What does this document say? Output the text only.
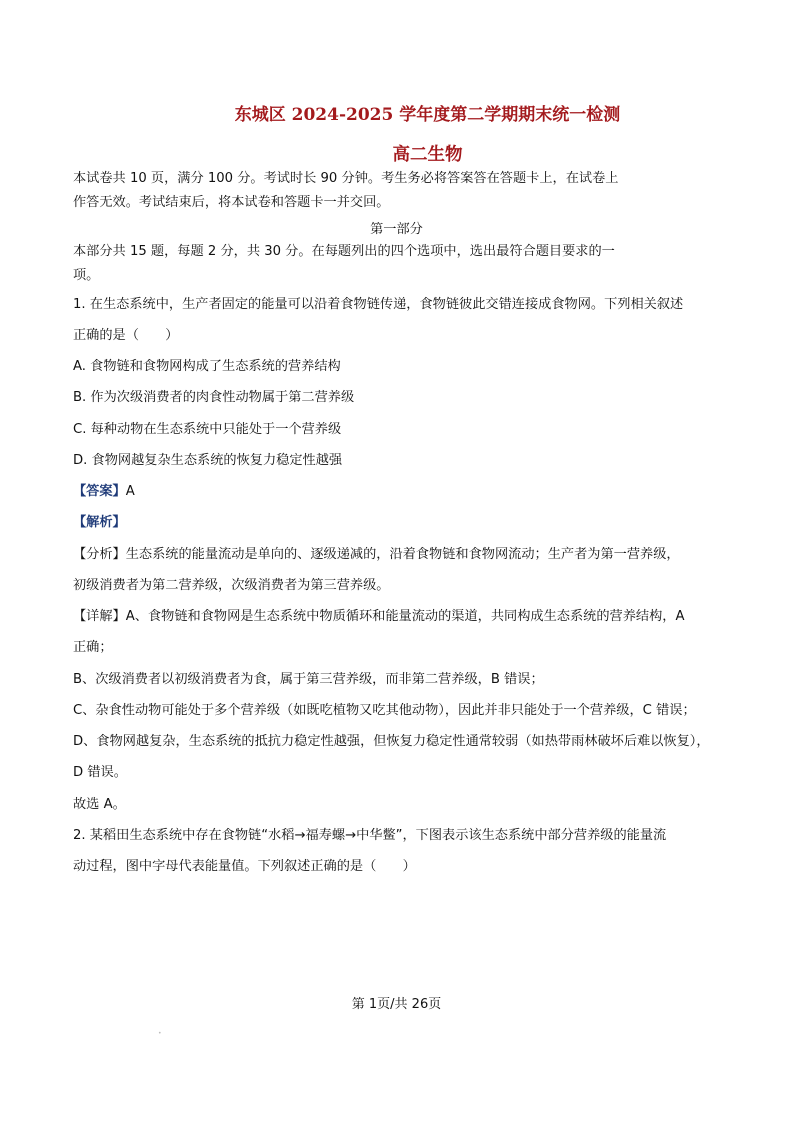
东城区 2024-2025 学年度第二学期期末统一检测
高二生物
本试卷共 10 页，满分 100 分。考试时长 90 分钟。考生务必将答案答在答题卡上，在试卷上
作答无效。考试结束后，将本试卷和答题卡一并交回。
第一部分
本部分共 15 题，每题 2 分，共 30 分。在每题列出的四个选项中，选出最符合题目要求的一
项。
1. 在生态系统中，生产者固定的能量可以沿着食物链传递，食物链彼此交错连接成食物网。下列相关叙述
正确的是（　　）
A. 食物链和食物网构成了生态系统的营养结构
B. 作为次级消费者的肉食性动物属于第二营养级
C. 每种动物在生态系统中只能处于一个营养级
D. 食物网越复杂生态系统的恢复力稳定性越强
【答案】A
【解析】
【分析】生态系统的能量流动是单向的、逐级递减的，沿着食物链和食物网流动；生产者为第一营养级，
初级消费者为第二营养级，次级消费者为第三营养级。
【详解】A、食物链和食物网是生态系统中物质循环和能量流动的渠道，共同构成生态系统的营养结构，A
正确；
B、次级消费者以初级消费者为食，属于第三营养级，而非第二营养级，B 错误；
C、杂食性动物可能处于多个营养级（如既吃植物又吃其他动物），因此并非只能处于一个营养级，C 错误；
D、食物网越复杂，生态系统的抵抗力稳定性越强，但恢复力稳定性通常较弱（如热带雨林破坏后难以恢复），
D 错误。
故选 A。
2. 某稻田生态系统中存在食物链“水稻→福寿螺→中华鳖”，下图表示该生态系统中部分营养级的能量流
动过程，图中字母代表能量值。下列叙述正确的是（　　）
第 1页/共 26页
•
